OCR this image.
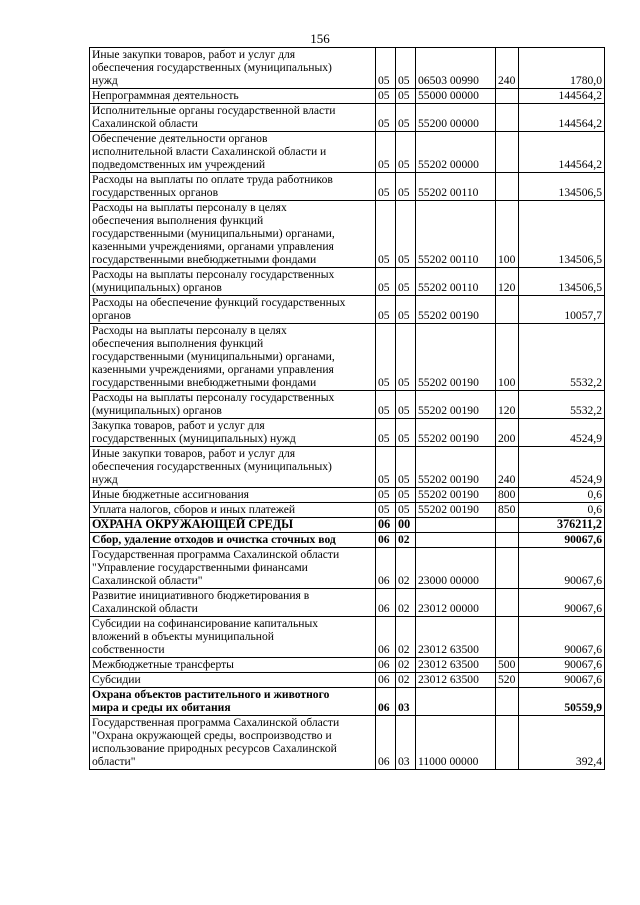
156
Иные закупки товаров, работ и услуг для
обеспечения государственных (муниципальных)
нужд	05	05	06503 00990	240	1780,0
Непрограммная деятельность	05	05	55000 00000		144564,2

Исполнительные органы государственной власти
Сахалинской области	05	05	55200 00000		144564,2

Обеспечение деятельности органов
исполнительной власти Сахалинской области и
подведомственных им учреждений	05	05	55202 00000		144564,2

Расходы на выплаты по оплате труда работников
государственных органов	05	05	55202 00110		134506,5

Расходы на выплаты персоналу в целях
обеспечения выполнения функций
государственными (муниципальными) органами,
казенными учреждениями, органами управления
государственными внебюджетными фондами	05	05	55202 00110	100	134506,5

Расходы на выплаты персоналу государственных
(муниципальных) органов	05	05	55202 00110	120	134506,5

Расходы на обеспечение функций государственных
органов	05	05	55202 00190		10057,7

Расходы на выплаты персоналу в целях
обеспечения выполнения функций
государственными (муниципальными) органами,
казенными учреждениями, органами управления
государственными внебюджетными фондами	05	05	55202 00190	100	5532,2

Расходы на выплаты персоналу государственных
(муниципальных) органов	05	05	55202 00190	120	5532,2

Закупка товаров, работ и услуг для
государственных (муниципальных) нужд	05	05	55202 00190	200	4524,9

Иные закупки товаров, работ и услуг для
обеспечения государственных (муниципальных)
нужд	05	05	55202 00190	240	4524,9
Иные бюджетные ассигнования	05	05	55202 00190	800	0,6
Уплата налогов, сборов и иных платежей	05	05	55202 00190	850	0,6
ОХРАНА ОКРУЖАЮЩЕЙ СРЕДЫ	06	00			376211,2
Сбор, удаление отходов и очистка сточных вод	06	02			90067,6

Государственная программа Сахалинской области
"Управление государственными финансами
Сахалинской области"	06	02	23000 00000		90067,6

Развитие инициативного бюджетирования в
Сахалинской области	06	02	23012 00000		90067,6

Субсидии на софинансирование капитальных
вложений в объекты муниципальной
собственности	06	02	23012 63500		90067,6
Межбюджетные трансферты	06	02	23012 63500	500	90067,6
Субсидии	06	02	23012 63500	520	90067,6

Охрана объектов растительного и животного
мира и среды их обитания	06	03			50559,9

Государственная программа Сахалинской области
"Охрана окружающей среды, воспроизводство и
использование природных ресурсов Сахалинской
области"	06	03	11000 00000		392,4
